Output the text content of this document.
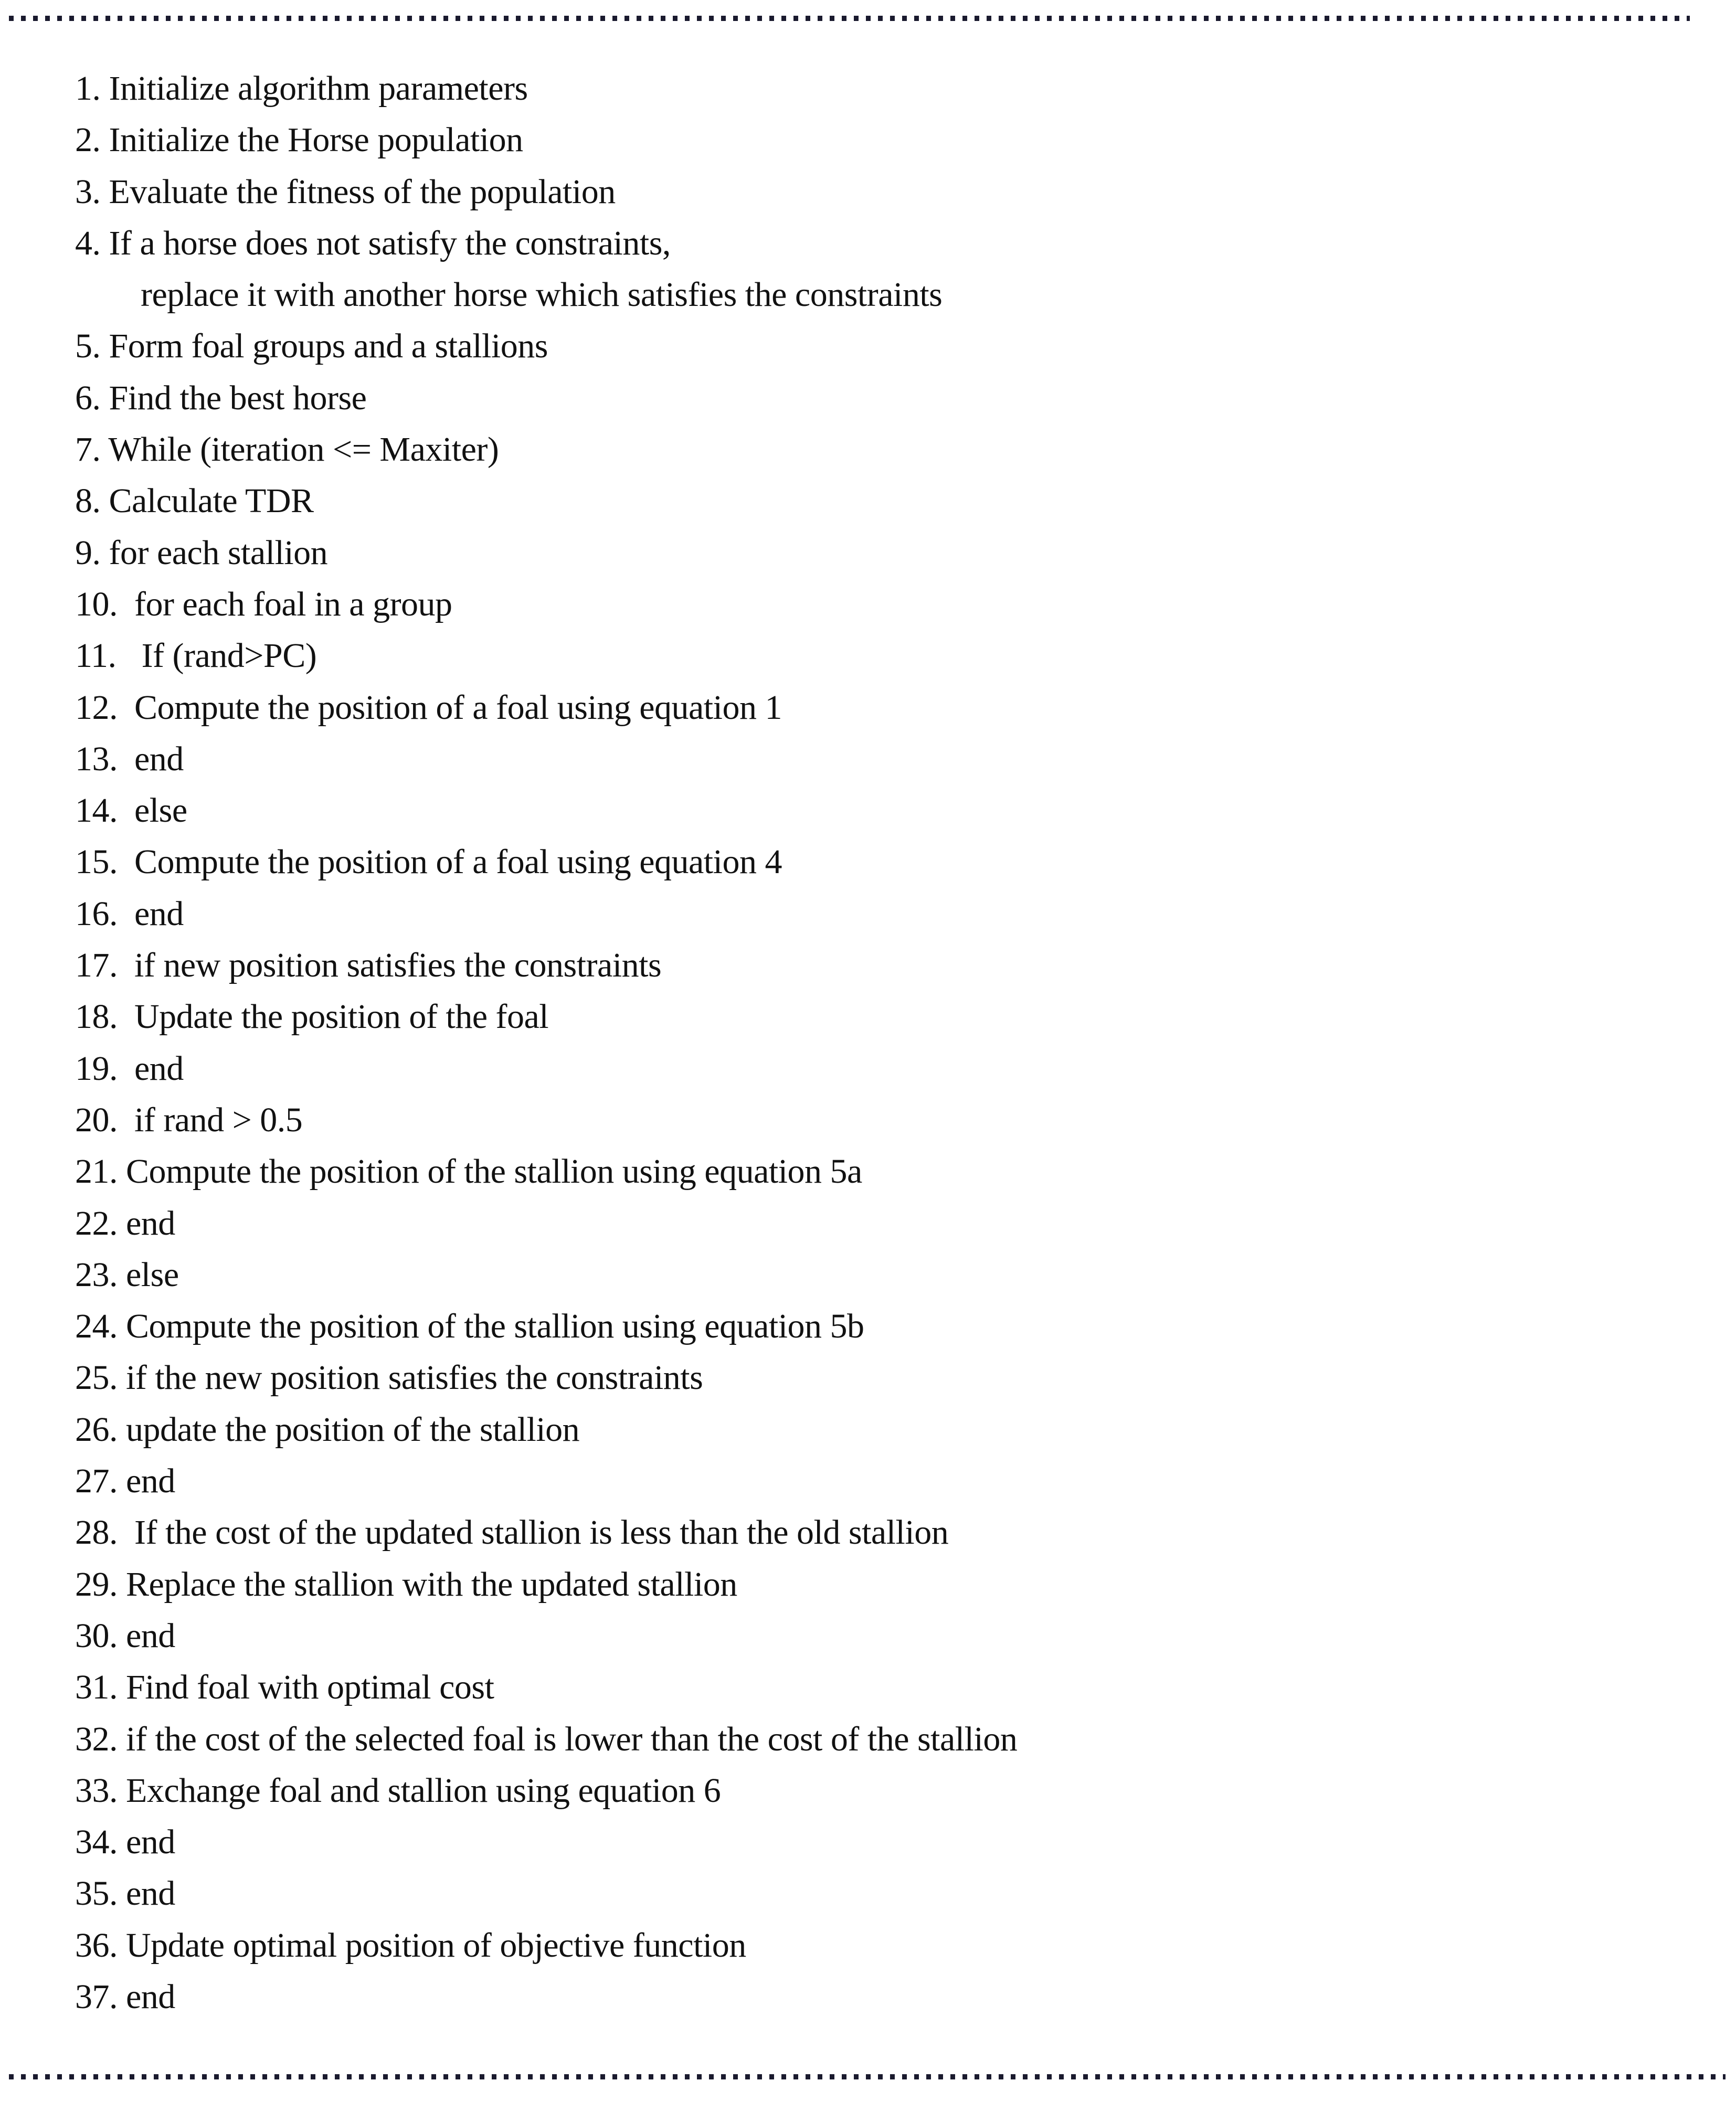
1. Initialize algorithm parameters
2. Initialize the Horse population
3. Evaluate the fitness of the population
4. If a horse does not satisfy the constraints,
replace it with another horse which satisfies the constraints
5. Form foal groups and a stallions
6. Find the best horse
7. While (iteration <= Maxiter)
8. Calculate TDR
9. for each stallion
10. for each foal in a group
11. If (rand>PC)
12. Compute the position of a foal using equation 1
13. end
14. else
15. Compute the position of a foal using equation 4
16. end
17. if new position satisfies the constraints
18. Update the position of the foal
19. end
20. if rand > 0.5
21. Compute the position of the stallion using equation 5a
22. end
23. else
24. Compute the position of the stallion using equation 5b
25. if the new position satisfies the constraints
26. update the position of the stallion
27. end
28. If the cost of the updated stallion is less than the old stallion
29. Replace the stallion with the updated stallion
30. end
31. Find foal with optimal cost
32. if the cost of the selected foal is lower than the cost of the stallion
33. Exchange foal and stallion using equation 6
34. end
35. end
36. Update optimal position of objective function
37. end
